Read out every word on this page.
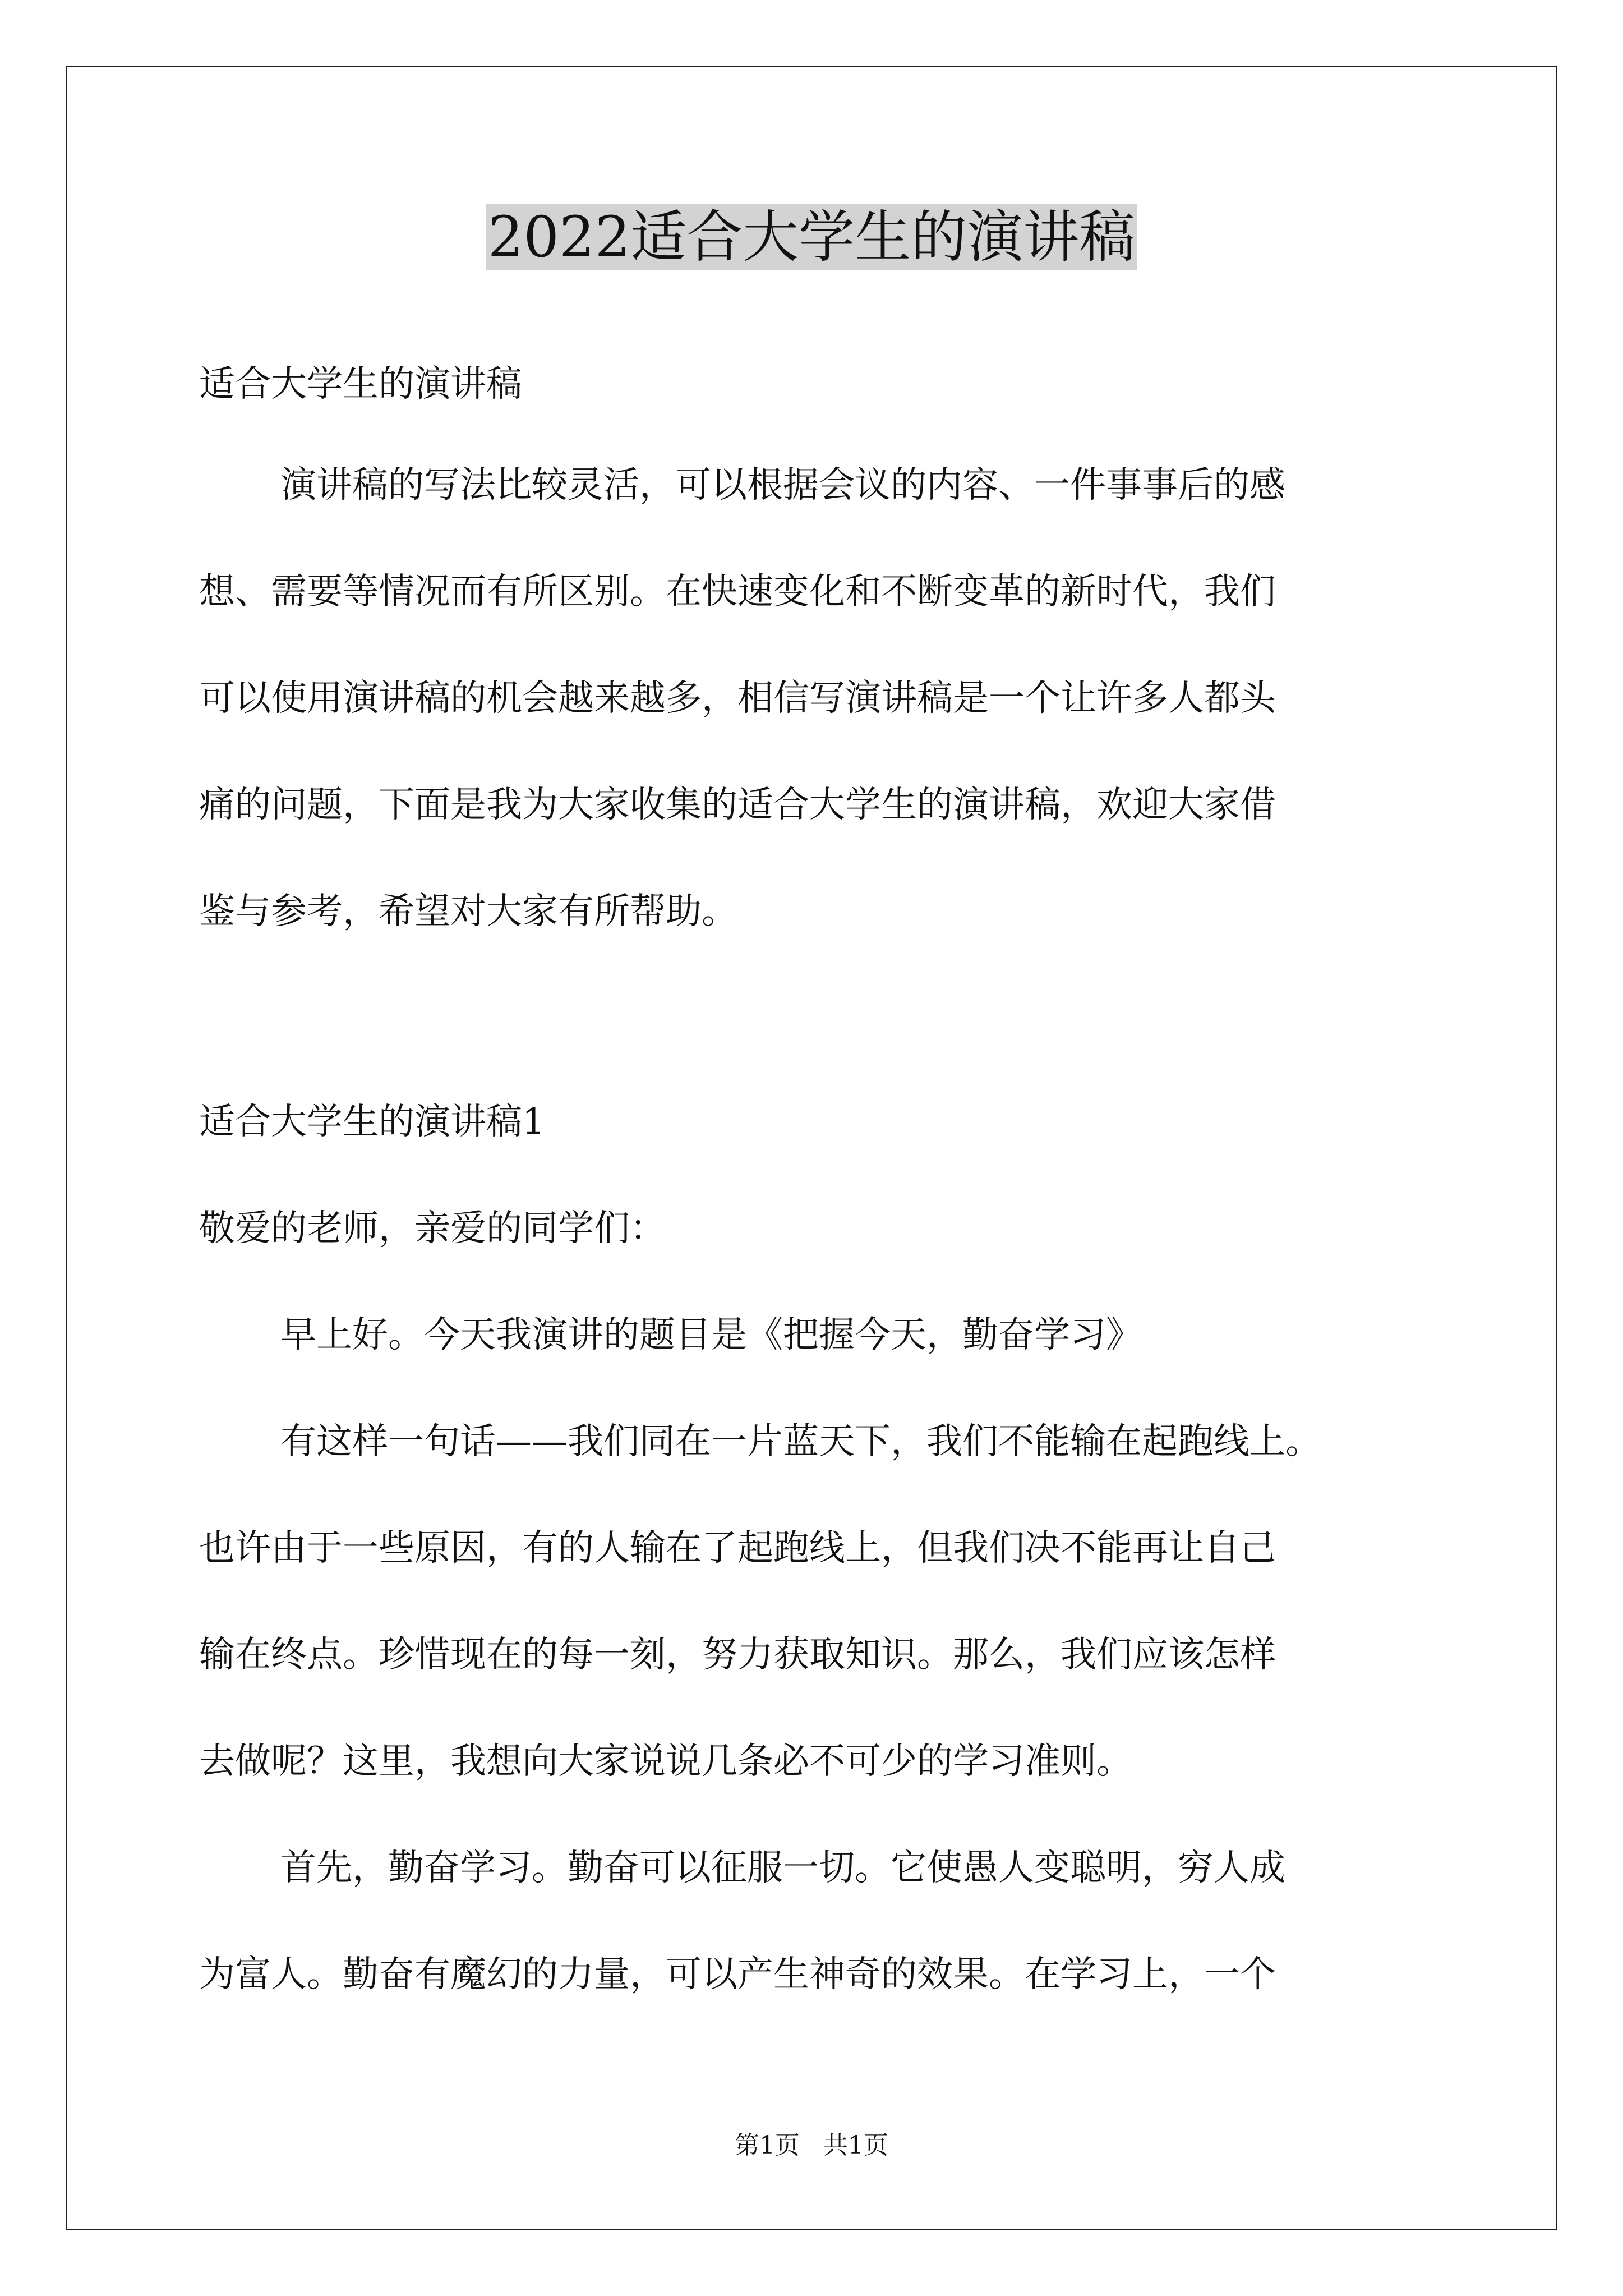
2022适合大学生的演讲稿
适合大学生的演讲稿
演讲稿的写法比较灵活，可以根据会议的内容、一件事事后的感
想、需要等情况而有所区别。在快速变化和不断变革的新时代，我们
可以使用演讲稿的机会越来越多，相信写演讲稿是一个让许多人都头
痛的问题，下面是我为大家收集的适合大学生的演讲稿，欢迎大家借
鉴与参考，希望对大家有所帮助。
适合大学生的演讲稿1
敬爱的老师，亲爱的同学们：
早上好。今天我演讲的题目是《把握今天，勤奋学习》
有这样一句话——我们同在一片蓝天下，我们不能输在起跑线上。
也许由于一些原因，有的人输在了起跑线上，但我们决不能再让自己
输在终点。珍惜现在的每一刻，努力获取知识。那么，我们应该怎样
去做呢？这里，我想向大家说说几条必不可少的学习准则。
首先，勤奋学习。勤奋可以征服一切。它使愚人变聪明，穷人成
为富人。勤奋有魔幻的力量，可以产生神奇的效果。在学习上，一个
第1页   共1页
